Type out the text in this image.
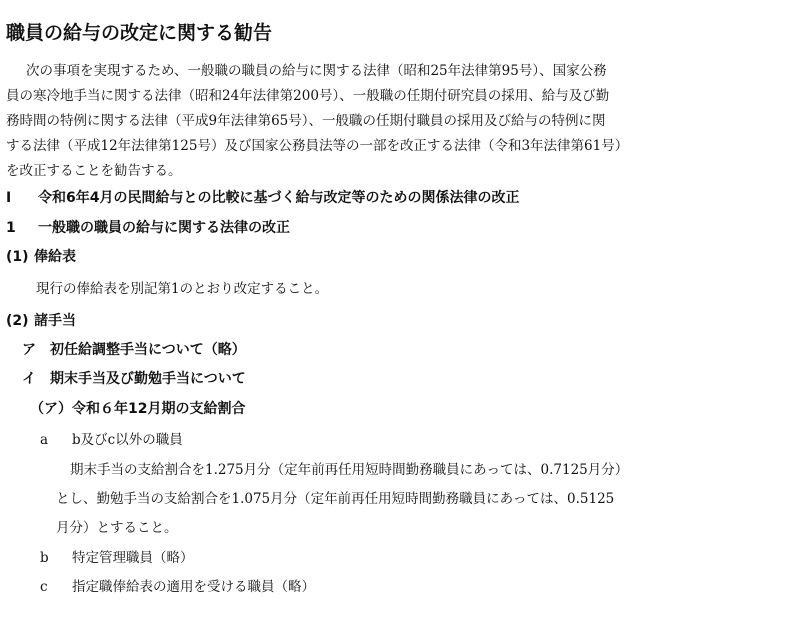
職員の給与の改定に関する勧告
次の事項を実現するため、一般職の職員の給与に関する法律（昭和25年法律第95号）、国家公務
員の寒冷地手当に関する法律（昭和24年法律第200号）、一般職の任期付研究員の採用、給与及び勤
務時間の特例に関する法律（平成9年法律第65号）、一般職の任期付職員の採用及び給与の特例に関
する法律（平成12年法律第125号）及び国家公務員法等の一部を改正する法律（令和3年法律第61号）
を改正することを勧告する。
Ⅰ 令和6年4月の民間給与との比較に基づく給与改定等のための関係法律の改正
1 一般職の職員の給与に関する法律の改正
(1) 俸給表
現行の俸給表を別記第1のとおり改定すること。
(2) 諸手当
ア 初任給調整手当について（略）
イ 期末手当及び勤勉手当について
（ア）令和６年12月期の支給割合
a b及びc以外の職員
期末手当の支給割合を1.275月分（定年前再任用短時間勤務職員にあっては、0.7125月分）
とし、勤勉手当の支給割合を1.075月分（定年前再任用短時間勤務職員にあっては、0.5125
月分）とすること。
b 特定管理職員（略）
c 指定職俸給表の適用を受ける職員（略）
